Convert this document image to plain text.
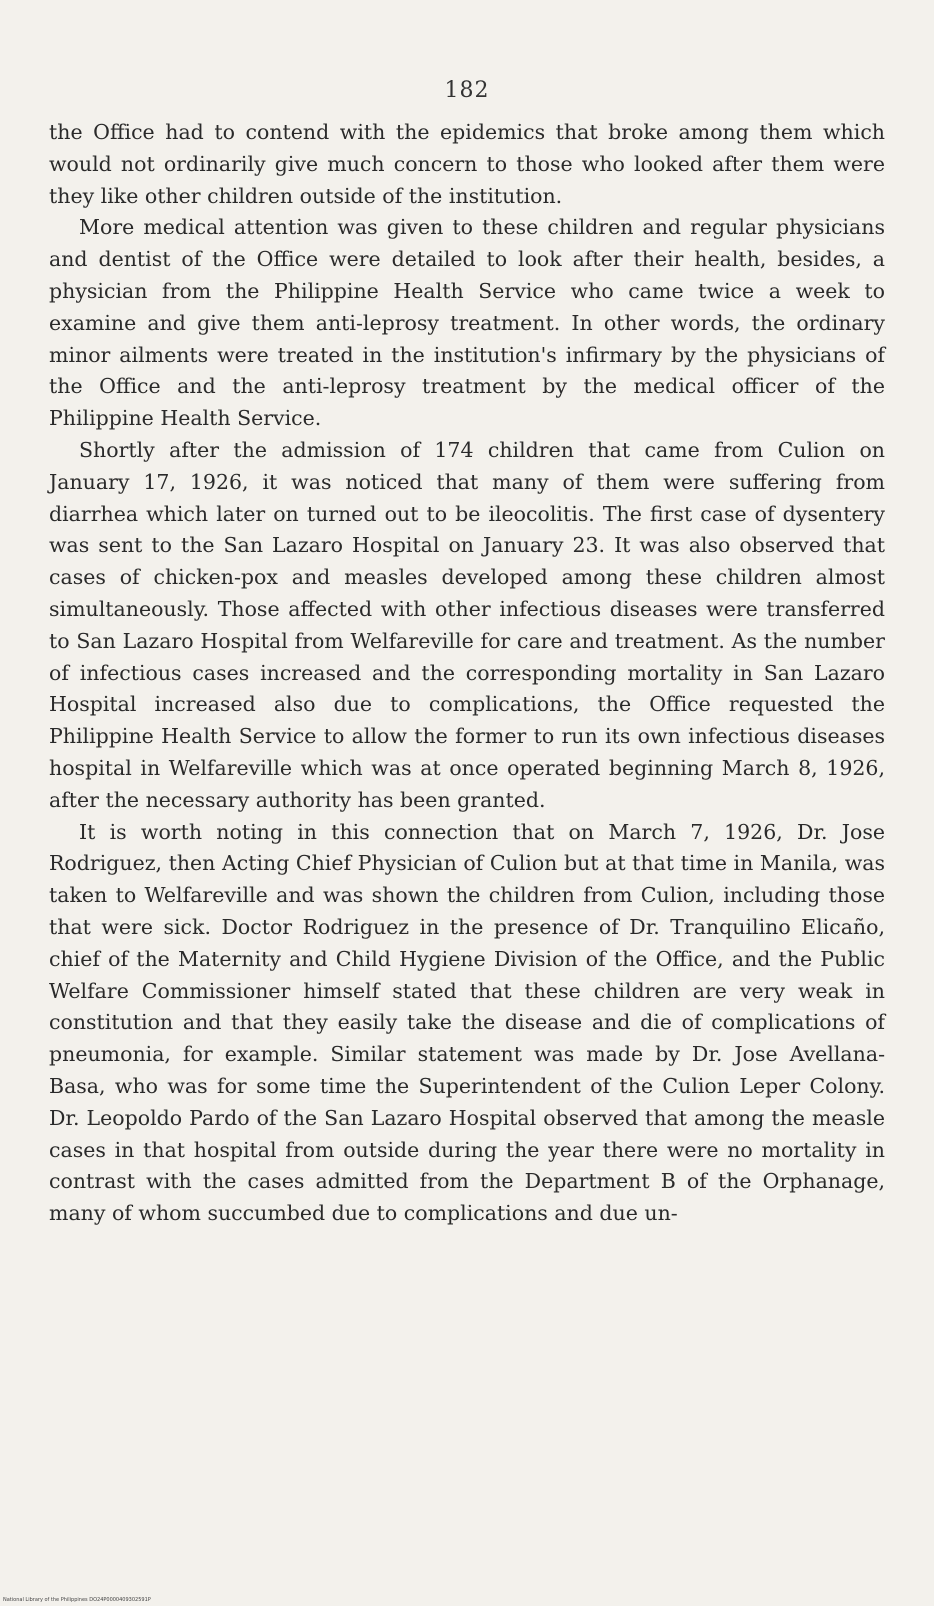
182

the Office had to contend with the epidemics that broke among them which would not ordinarily give much concern to those who looked after them were they like other children outside of the institution.

More medical attention was given to these children and regular physicians and dentist of the Office were detailed to look after their health, besides, a physician from the Philippine Health Service who came twice a week to examine and give them anti-leprosy treatment. In other words, the ordinary minor ailments were treated in the institution's infirmary by the physicians of the Office and the anti-leprosy treatment by the medical officer of the Philippine Health Service.

Shortly after the admission of 174 children that came from Culion on January 17, 1926, it was noticed that many of them were suffering from diarrhea which later on turned out to be ileocolitis. The first case of dysentery was sent to the San Lazaro Hospital on January 23. It was also observed that cases of chicken-pox and measles developed among these children almost simultaneously. Those affected with other infectious diseases were transferred to San Lazaro Hospital from Welfareville for care and treatment. As the number of infectious cases increased and the corresponding mortality in San Lazaro Hospital increased also due to complications, the Office requested the Philippine Health Service to allow the former to run its own infectious diseases hospital in Welfareville which was at once operated beginning March 8, 1926, after the necessary authority has been granted.

It is worth noting in this connection that on March 7, 1926, Dr. Jose Rodriguez, then Acting Chief Physician of Culion but at that time in Manila, was taken to Welfareville and was shown the children from Culion, including those that were sick. Doctor Rodriguez in the presence of Dr. Tranquilino Elicaño, chief of the Maternity and Child Hygiene Division of the Office, and the Public Welfare Commissioner himself stated that these children are very weak in constitution and that they easily take the disease and die of complications of pneumonia, for example. Similar statement was made by Dr. Jose Avellana-Basa, who was for some time the Superintendent of the Culion Leper Colony. Dr. Leopoldo Pardo of the San Lazaro Hospital observed that among the measle cases in that hospital from outside during the year there were no mortality in contrast with the cases admitted from the Department B of the Orphanage, many of whom succumbed due to complications and due un-

National Library of the Philippines DO24P0000409302591P
